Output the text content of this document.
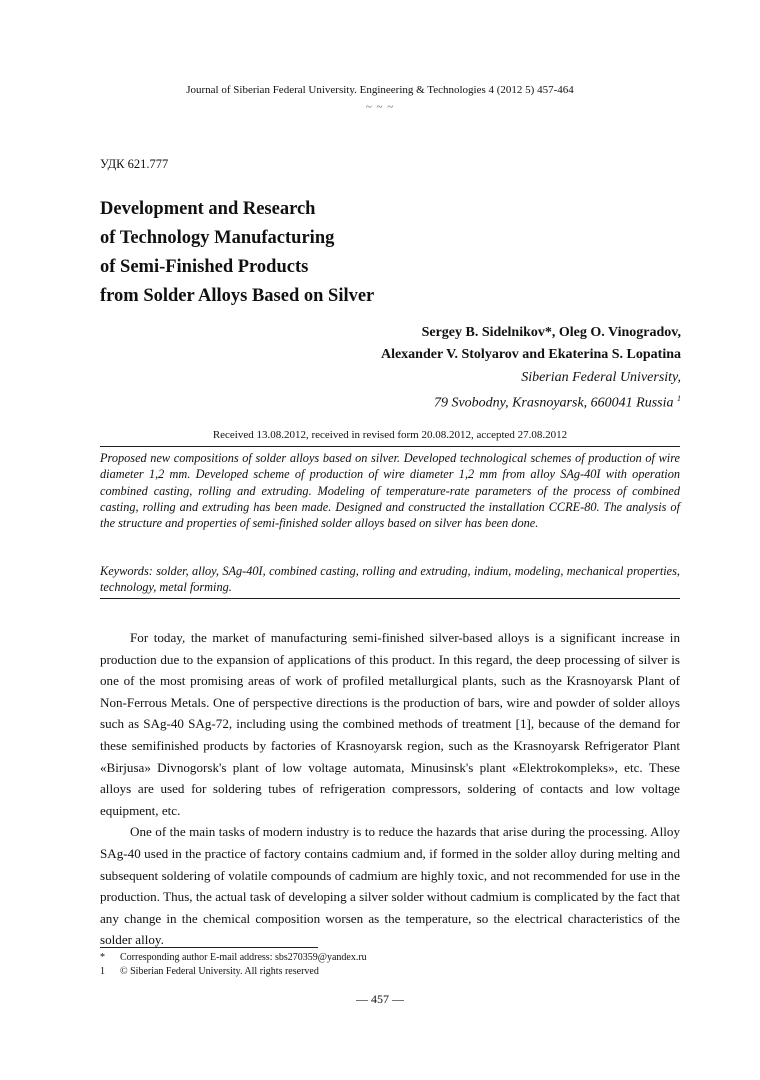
Journal of Siberian Federal University. Engineering & Technologies 4 (2012 5) 457-464
~ ~ ~
УДК 621.777
Development and Research
of Technology Manufacturing
of Semi-Finished Products
from Solder Alloys Based on Silver
Sergey B. Sidelnikov*, Oleg O. Vinogradov,
Alexander V. Stolyarov and Ekaterina S. Lopatina
Siberian Federal University,
79 Svobodny, Krasnoyarsk, 660041 Russia $^1$
Received 13.08.2012, received in revised form 20.08.2012, accepted 27.08.2012
Proposed new compositions of solder alloys based on silver. Developed technological schemes of production of wire diameter 1,2 mm. Developed scheme of production of wire diameter 1,2 mm from alloy SAg-40I with operation combined casting, rolling and extruding. Modeling of temperature-rate parameters of the process of combined casting, rolling and extruding has been made. Designed and constructed the installation CCRE-80. The analysis of the structure and properties of semi-finished solder alloys based on silver has been done.
Keywords: solder, alloy, SAg-40I, combined casting, rolling and extruding, indium, modeling, mechanical properties, technology, metal forming.

For today, the market of manufacturing semi-finished silver-based alloys is a significant increase in production due to the expansion of applications of this product. In this regard, the deep processing of silver is one of the most promising areas of work of profiled metallurgical plants, such as the Krasnoyarsk Plant of Non-Ferrous Metals. One of perspective directions is the production of bars, wire and powder of solder alloys such as SAg-40 SAg-72, including using the combined methods of treatment [1], because of the demand for these semifinished products by factories of Krasnoyarsk region, such as the Krasnoyarsk Refrigerator Plant «Birjusa» Divnogorsk's plant of low voltage automata, Minusinsk's plant «Elektrokompleks», etc. These alloys are used for soldering tubes of refrigeration compressors, soldering of contacts and low voltage equipment, etc.

One of the main tasks of modern industry is to reduce the hazards that arise during the processing. Alloy SAg-40 used in the practice of factory contains cadmium and, if formed in the solder alloy during melting and subsequent soldering of volatile compounds of cadmium are highly toxic, and not recommended for use in the production. Thus, the actual task of developing a silver solder without cadmium is complicated by the fact that any change in the chemical composition worsen as the temperature, so the electrical characteristics of the solder alloy.

*	Corresponding author E-mail address: sbs270359@yandex.ru
1	© Siberian Federal University. All rights reserved
— 457 —
